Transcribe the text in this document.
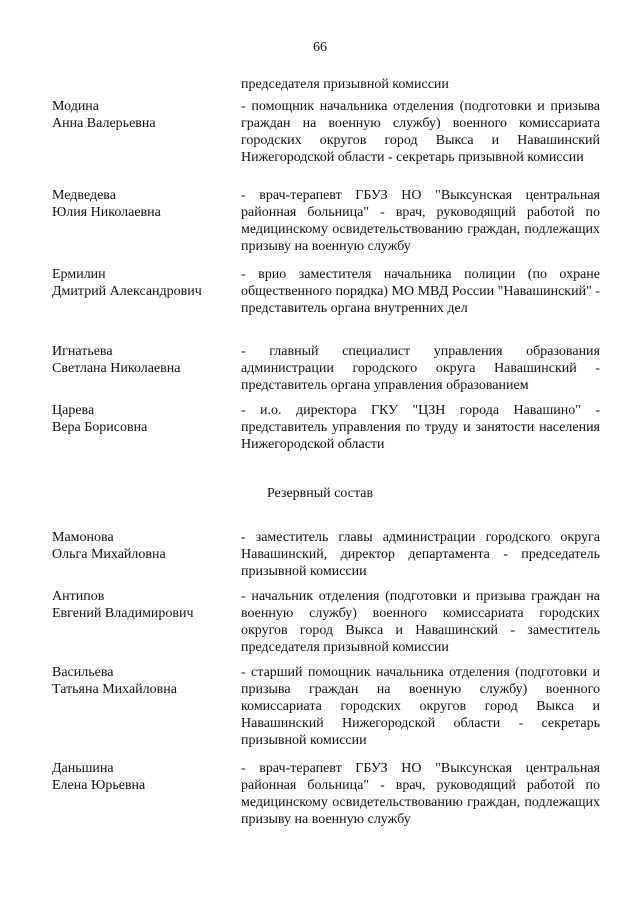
66
председателя призывной комиссии
Модина
Анна Валерьевна
- помощник начальника отделения (подготовки и призыва граждан на военную службу) военного комиссариата городских округов город Выкса и Навашинский Нижегородской области - секретарь призывной комиссии
Медведева
Юлия Николаевна
- врач-терапевт ГБУЗ НО "Выксунская центральная районная больница" - врач, руководящий работой по медицинскому освидетельствованию граждан, подлежащих призыву на военную службу
Ермилин
Дмитрий Александрович
- врио заместителя начальника полиции (по охране общественного порядка) МО МВД России "Навашинский" - представитель органа внутренних дел
Игнатьева
Светлана Николаевна
- главный специалист управления образования администрации городского округа Навашинский - представитель органа управления образованием
Царева
Вера Борисовна
- и.о. директора ГКУ "ЦЗН города Навашино" - представитель управления по труду и занятости населения Нижегородской области
Резервный состав
Мамонова
Ольга Михайловна
- заместитель главы администрации городского округа Навашинский, директор департамента - председатель призывной комиссии
Антипов
Евгений Владимирович
- начальник отделения (подготовки и призыва граждан на военную службу) военного комиссариата городских округов город Выкса и Навашинский - заместитель председателя призывной комиссии
Васильева
Татьяна Михайловна
- старший помощник начальника отделения (подготовки и призыва граждан на военную службу) военного комиссариата городских округов город Выкса и Навашинский Нижегородской области - секретарь призывной комиссии
Даньшина
Елена Юрьевна
- врач-терапевт ГБУЗ НО "Выксунская центральная районная больница" - врач, руководящий работой по медицинскому освидетельствованию граждан, подлежащих призыву на военную службу
